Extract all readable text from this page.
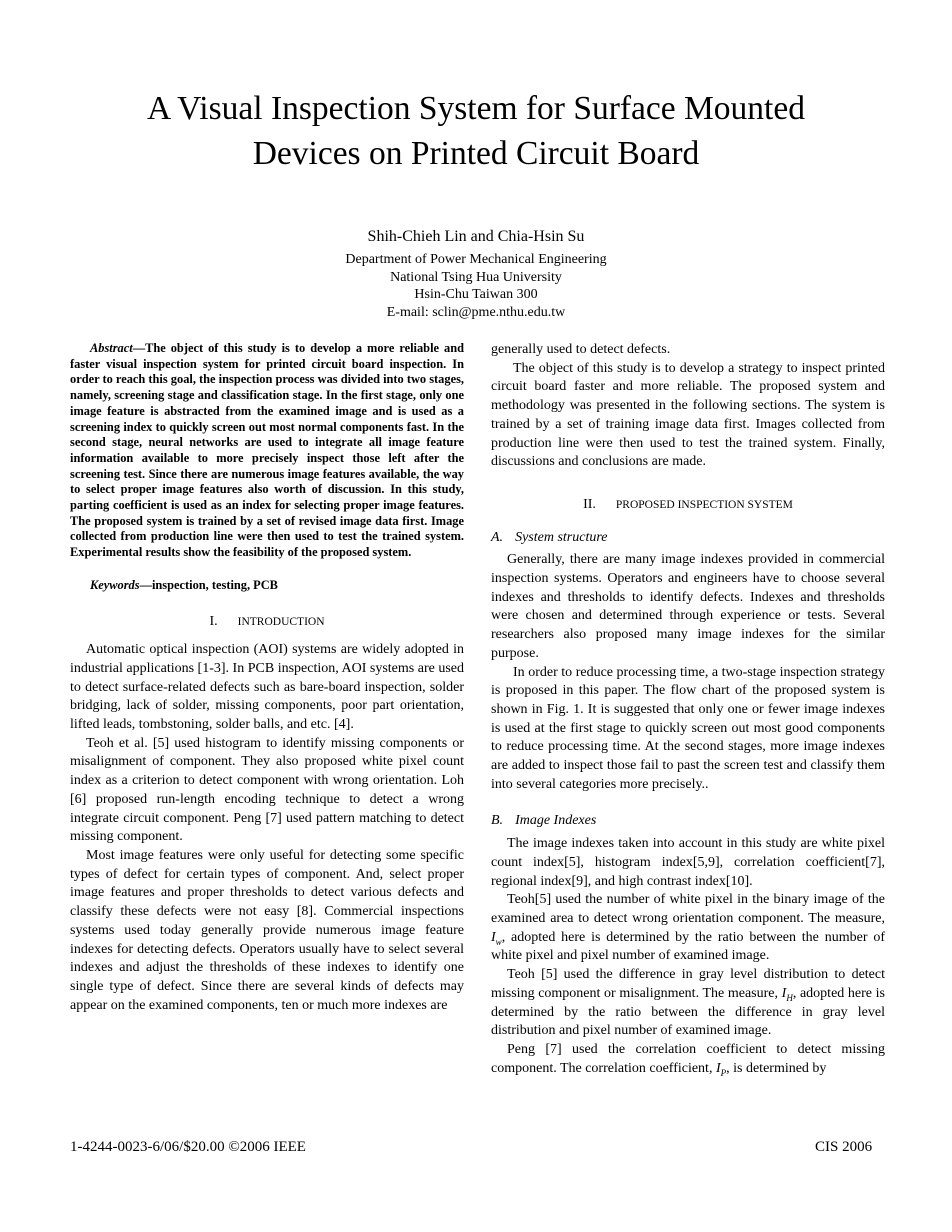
A Visual Inspection System for Surface Mounted
Devices on Printed Circuit Board
Shih-Chieh Lin and Chia-Hsin Su
Department of Power Mechanical Engineering
National Tsing Hua University
Hsin-Chu Taiwan 300
E-mail: sclin@pme.nthu.edu.tw

Abstract—The object of this study is to develop a more reliable and faster visual inspection system for printed circuit board inspection. In order to reach this goal, the inspection process was divided into two stages, namely, screening stage and classification stage. In the first stage, only one image feature is abstracted from the examined image and is used as a screening index to quickly screen out most normal components fast. In the second stage, neural networks are used to integrate all image feature information available to more precisely inspect those left after the screening test. Since there are numerous image features available, the way to select proper image features also worth of discussion. In this study, parting coefficient is used as an index for selecting proper image features. The proposed system is trained by a set of revised image data first. Image collected from production line were then used to test the trained system. Experimental results show the feasibility of the proposed system.

Keywords—inspection, testing, PCB

I. INTRODUCTION

Automatic optical inspection (AOI) systems are widely adopted in industrial applications [1-3]. In PCB inspection, AOI systems are used to detect surface-related defects such as bare-board inspection, solder bridging, lack of solder, missing components, poor part orientation, lifted leads, tombstoning, solder balls, and etc. [4].

Teoh et al. [5] used histogram to identify missing components or misalignment of component. They also proposed white pixel count index as a criterion to detect component with wrong orientation. Loh [6] proposed run-length encoding technique to detect a wrong integrate circuit component. Peng [7] used pattern matching to detect missing component.

Most image features were only useful for detecting some specific types of defect for certain types of component. And, select proper image features and proper thresholds to detect various defects and classify these defects were not easy [8]. Commercial inspections systems used today generally provide numerous image feature indexes for detecting defects. Operators usually have to select several indexes and adjust the thresholds of these indexes to identify one single type of defect. Since there are several kinds of defects may appear on the examined components, ten or much more indexes are

generally used to detect defects.

The object of this study is to develop a strategy to inspect printed circuit board faster and more reliable. The proposed system and methodology was presented in the following sections. The system is trained by a set of training image data first. Images collected from production line were then used to test the trained system. Finally, discussions and conclusions are made.

II. PROPOSED INSPECTION SYSTEM
A. System structure

Generally, there are many image indexes provided in commercial inspection systems. Operators and engineers have to choose several indexes and thresholds to identify defects. Indexes and thresholds were chosen and determined through experience or tests. Several researchers also proposed many image indexes for the similar purpose.

In order to reduce processing time, a two-stage inspection strategy is proposed in this paper. The flow chart of the proposed system is shown in Fig. 1. It is suggested that only one or fewer image indexes is used at the first stage to quickly screen out most good components to reduce processing time. At the second stages, more image indexes are added to inspect those fail to past the screen test and classify them into several categories more precisely..

B. Image Indexes

The image indexes taken into account in this study are white pixel count index[5], histogram index[5,9], correlation coefficient[7], regional index[9], and high contrast index[10].

Teoh[5] used the number of white pixel in the binary image of the examined area to detect wrong orientation component. The measure, $I_w$, adopted here is determined by the ratio between the number of white pixel and pixel number of examined image.

Teoh [5] used the difference in gray level distribution to detect missing component or misalignment. The measure, $I_H$, adopted here is determined by the ratio between the difference in gray level distribution and pixel number of examined image.

Peng [7] used the correlation coefficient to detect missing component. The correlation coefficient, $I_P$, is determined by

1-4244-0023-6/06/$20.00 ©2006 IEEE	CIS 2006
